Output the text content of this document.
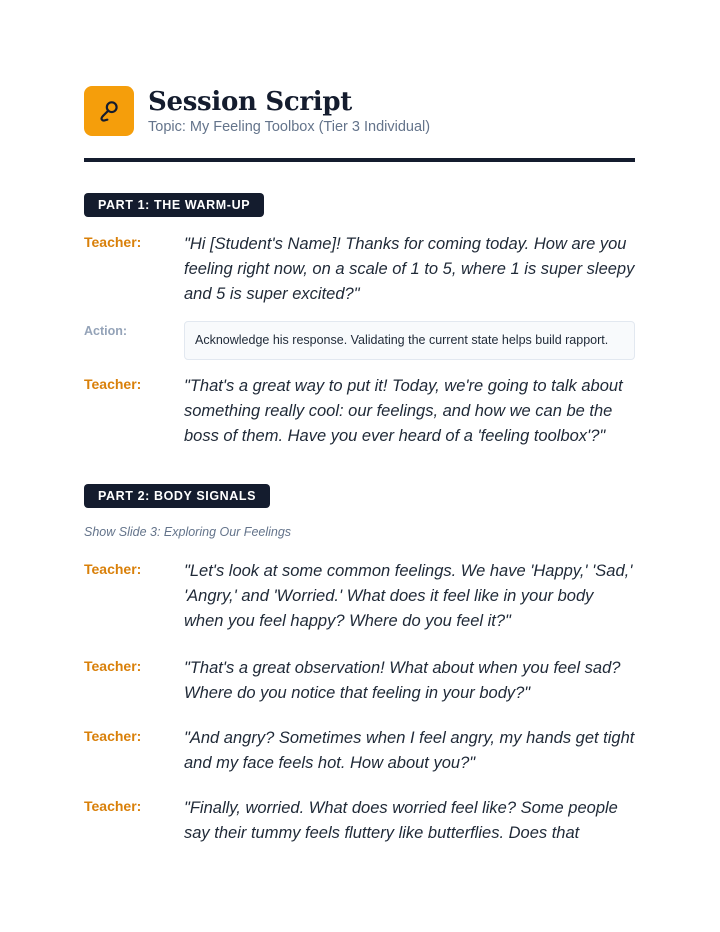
Session Script
Topic: My Feeling Toolbox (Tier 3 Individual)
PART 1: THE WARM-UP
Teacher:	"Hi [Student's Name]! Thanks for coming today. How are you feeling right now, on a scale of 1 to 5, where 1 is super sleepy and 5 is super excited?"
Action:
Acknowledge his response. Validating the current state helps build rapport.
Teacher:	"That's a great way to put it! Today, we're going to talk about something really cool: our feelings, and how we can be the boss of them. Have you ever heard of a 'feeling toolbox'?"
PART 2: BODY SIGNALS
Show Slide 3: Exploring Our Feelings
Teacher:	"Let's look at some common feelings. We have 'Happy,' 'Sad,' 'Angry,' and 'Worried.' What does it feel like in your body when you feel happy? Where do you feel it?"
Teacher:	"That's a great observation! What about when you feel sad? Where do you notice that feeling in your body?"
Teacher:	"And angry? Sometimes when I feel angry, my hands get tight and my face feels hot. How about you?"
Teacher:	"Finally, worried. What does worried feel like? Some people say their tummy feels fluttery like butterflies. Does that
